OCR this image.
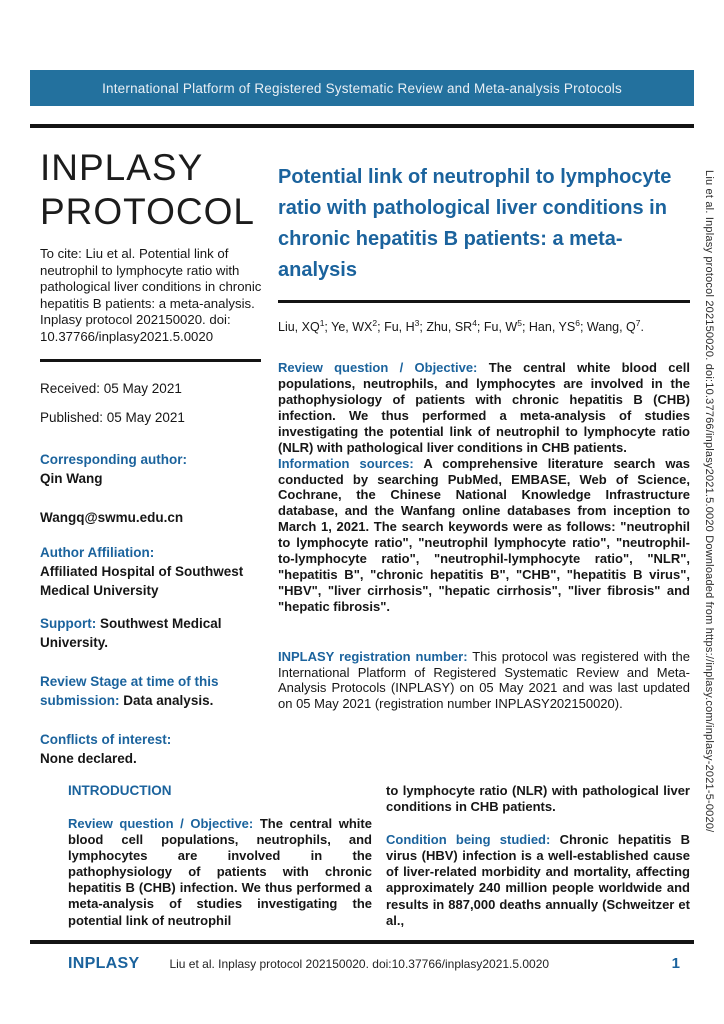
International Platform of Registered Systematic Review and Meta-analysis Protocols
INPLASY
PROTOCOL

To cite: Liu et al. Potential link of neutrophil to lymphocyte ratio with pathological liver conditions in chronic hepatitis B patients: a meta-analysis. Inplasy protocol 202150020. doi: 10.37766/inplasy2021.5.0020

Received: 05 May 2021

Published: 05 May 2021

Corresponding author:
Qin Wang

Wangq@swmu.edu.cn

Author Affiliation:
Affiliated Hospital of Southwest Medical University

Support: Southwest Medical University.

Review Stage at time of this submission: Data analysis.

Conflicts of interest:
None declared.

Potential link of neutrophil to lymphocyte ratio with pathological liver conditions in chronic hepatitis B patients: a meta-analysis

Liu, $XQ^1$; Ye, $WX^2$; Fu, $H^3$; Zhu, $SR^4$; Fu, $W^5$; Han, $YS^6$; Wang, $Q^7$.

Review question / Objective: The central white blood cell populations, neutrophils, and lymphocytes are involved in the pathophysiology of patients with chronic hepatitis B (CHB) infection. We thus performed a meta-analysis of studies investigating the potential link of neutrophil to lymphocyte ratio (NLR) with pathological liver conditions in CHB patients.

Information sources: A comprehensive literature search was conducted by searching PubMed, EMBASE, Web of Science, Cochrane, the Chinese National Knowledge Infrastructure database, and the Wanfang online databases from inception to March 1, 2021. The search keywords were as follows: "neutrophil to lymphocyte ratio", "neutrophil lymphocyte ratio", "neutrophil-to-lymphocyte ratio", "neutrophil-lymphocyte ratio", "NLR", "hepatitis B", "chronic hepatitis B", "CHB", "hepatitis B virus", "HBV", "liver cirrhosis", "hepatic cirrhosis", "liver fibrosis" and "hepatic fibrosis".

INPLASY registration number: This protocol was registered with the International Platform of Registered Systematic Review and Meta-Analysis Protocols (INPLASY) on 05 May 2021 and was last updated on 05 May 2021 (registration number INPLASY202150020).

INTRODUCTION

Review question / Objective: The central white blood cell populations, neutrophils, and lymphocytes are involved in the pathophysiology of patients with chronic hepatitis B (CHB) infection. We thus performed a meta-analysis of studies investigating the potential link of neutrophil

to lymphocyte ratio (NLR) with pathological liver conditions in CHB patients.

Condition being studied: Chronic hepatitis B virus (HBV) infection is a well-established cause of liver-related morbidity and mortality, affecting approximately 240 million people worldwide and results in 887,000 deaths annually (Schweitzer et al.,

INPLASY	Liu et al. Inplasy protocol 202150020. doi:10.37766/inplasy2021.5.0020	1
Liu et al. Inplasy protocol 202150020. doi:10.37766/inplasy2021.5.0020 Downloaded from https://inplasy.com/inplasy-2021-5-0020/
